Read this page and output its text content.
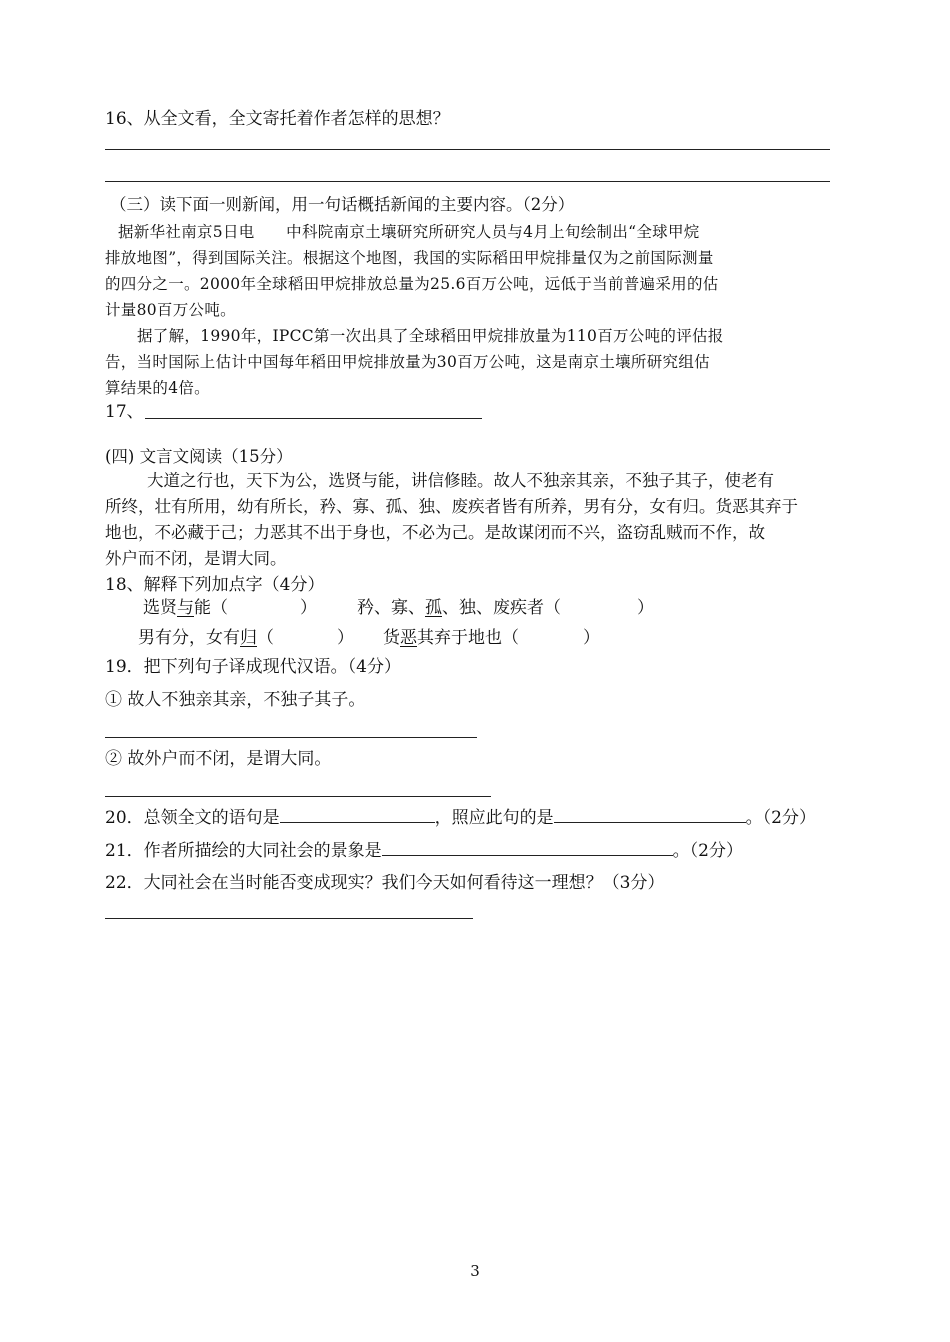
16、从全文看，全文寄托着作者怎样的思想？
（三）读下面一则新闻，用一句话概括新闻的主要内容。（2分）
据新华社南京5日电　　中科院南京土壤研究所研究人员与4月上旬绘制出“全球甲烷
排放地图”，得到国际关注。根据这个地图，我国的实际稻田甲烷排量仅为之前国际测量
的四分之一。2000年全球稻田甲烷排放总量为25.6百万公吨，远低于当前普遍采用的估
计量80百万公吨。
据了解，1990年，IPCC第一次出具了全球稻田甲烷排放量为110百万公吨的评估报
告，当时国际上估计中国每年稻田甲烷排放量为30百万公吨，这是南京土壤所研究组估
算结果的4倍。
17、
(四) 文言文阅读（15分）
大道之行也，天下为公，选贤与能，讲信修睦。故人不独亲其亲，不独子其子，使老有
所终，壮有所用，幼有所长，矜、寡、孤、独、废疾者皆有所养，男有分，女有归。货恶其弃于
地也，不必藏于己；力恶其不出于身也，不必为己。是故谋闭而不兴，盗窃乱贼而不作，故
外户而不闭，是谓大同。
18、解释下列加点字（4分）
选贤与能（	） 矜、寡、孤、独、废疾者（	）
男有分，女有归（	） 货恶其弃于地也（	）
19．把下列句子译成现代汉语。（4分）
① 故人不独亲其亲，不独子其子。
② 故外户而不闭，是谓大同。
20．总领全文的语句是	，照应此句的是	。（2分）
21．作者所描绘的大同社会的景象是	。（2分）
22．大同社会在当时能否变成现实？我们今天如何看待这一理想？（3分）
3
